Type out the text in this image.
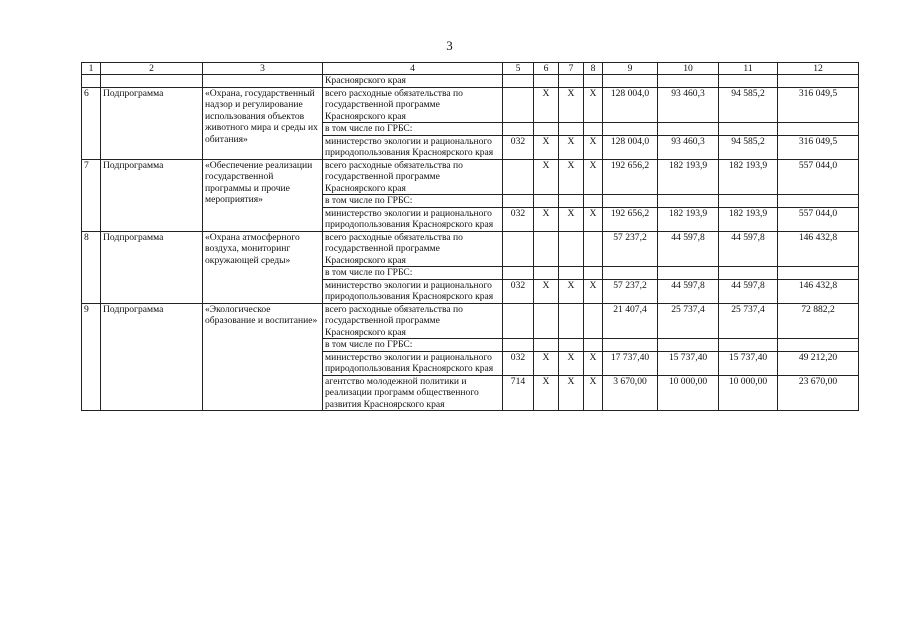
3
1	2	3	4	5	6	7	8	9	10	11	12
			Красноярского края								
6	Подпрограмма	«Охрана, государственный надзор и регулирование использования объектов животного мира и среды их обитания»	всего расходные обязательства по государственной программе Красноярского края		Х	Х	Х	128 004,0	93 460,3	94 585,2	316 049,5
			в том числе по ГРБС:								
			министерство экологии и рационального природопользования Красноярского края	032	Х	Х	Х	128 004,0	93 460,3	94 585,2	316 049,5
7	Подпрограмма	«Обеспечение реализации государственной программы и прочие мероприятия»	всего расходные обязательства по государственной программе Красноярского края		Х	Х	Х	192 656,2	182 193,9	182 193,9	557 044,0
			в том числе по ГРБС:								
			министерство экологии и рационального природопользования Красноярского края	032	Х	Х	Х	192 656,2	182 193,9	182 193,9	557 044,0
8	Подпрограмма	«Охрана атмосферного воздуха, мониторинг окружающей среды»	всего расходные обязательства по государственной программе Красноярского края					57 237,2	44 597,8	44 597,8	146 432,8
			в том числе по ГРБС:								
			министерство экологии и рационального природопользования Красноярского края	032	Х	Х	Х	57 237,2	44 597,8	44 597,8	146 432,8
9	Подпрограмма	«Экологическое образование и воспитание»	всего расходные обязательства по государственной программе Красноярского края					21 407,4	25 737,4	25 737,4	72 882,2
			в том числе по ГРБС:								
			министерство экологии и рационального природопользования Красноярского края	032	Х	Х	Х	17 737,40	15 737,40	15 737,40	49 212,20
			агентство молодежной политики и реализации программ общественного развития Красноярского края	714	Х	Х	Х	3 670,00	10 000,00	10 000,00	23 670,00
